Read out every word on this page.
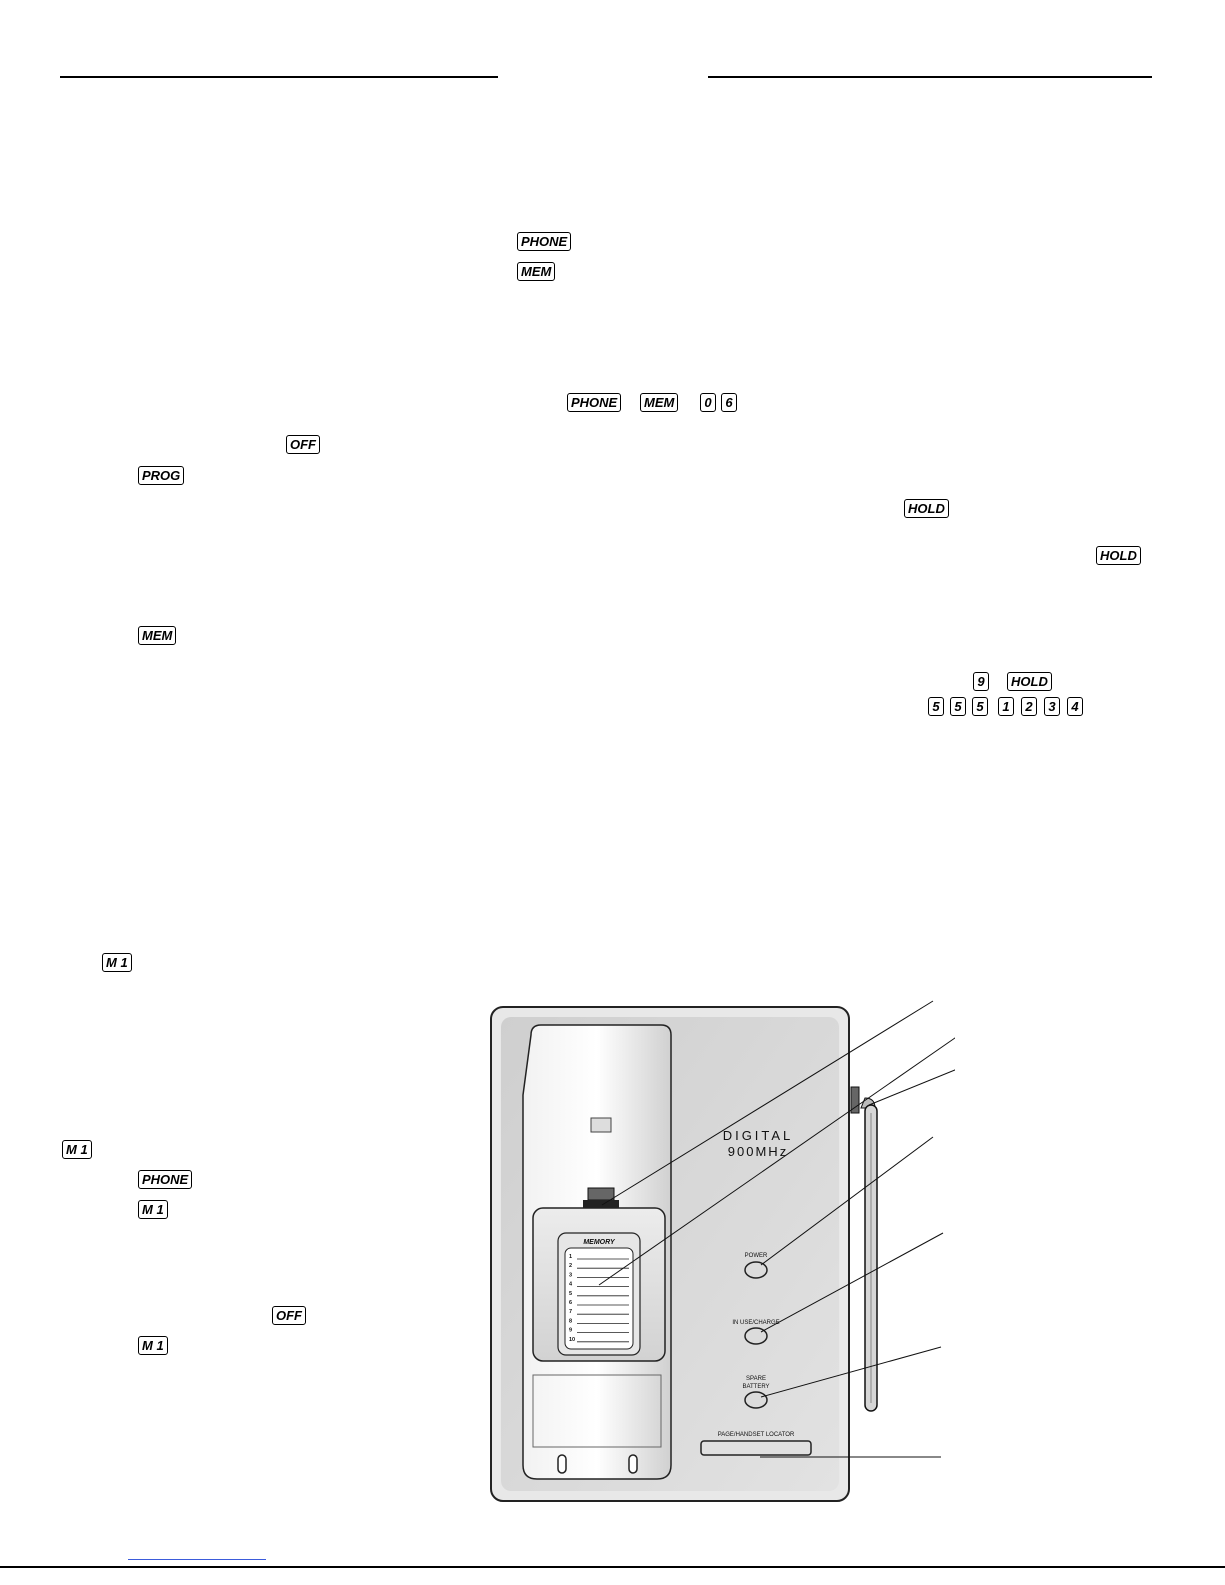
PHONE
MEM
PHONE	MEM	0	6
OFF
PROG
HOLD
HOLD
MEM
9	HOLD
5	5	5	1	2	3	4
M 1
M 1
PHONE
M 1
OFF
M 1
MEMORY
1
2
3
4
5
6
7
8
9
10
DIGITAL
900MHz
POWER
IN USE/CHARGE
SPARE
BATTERY
PAGE/HANDSET LOCATOR
